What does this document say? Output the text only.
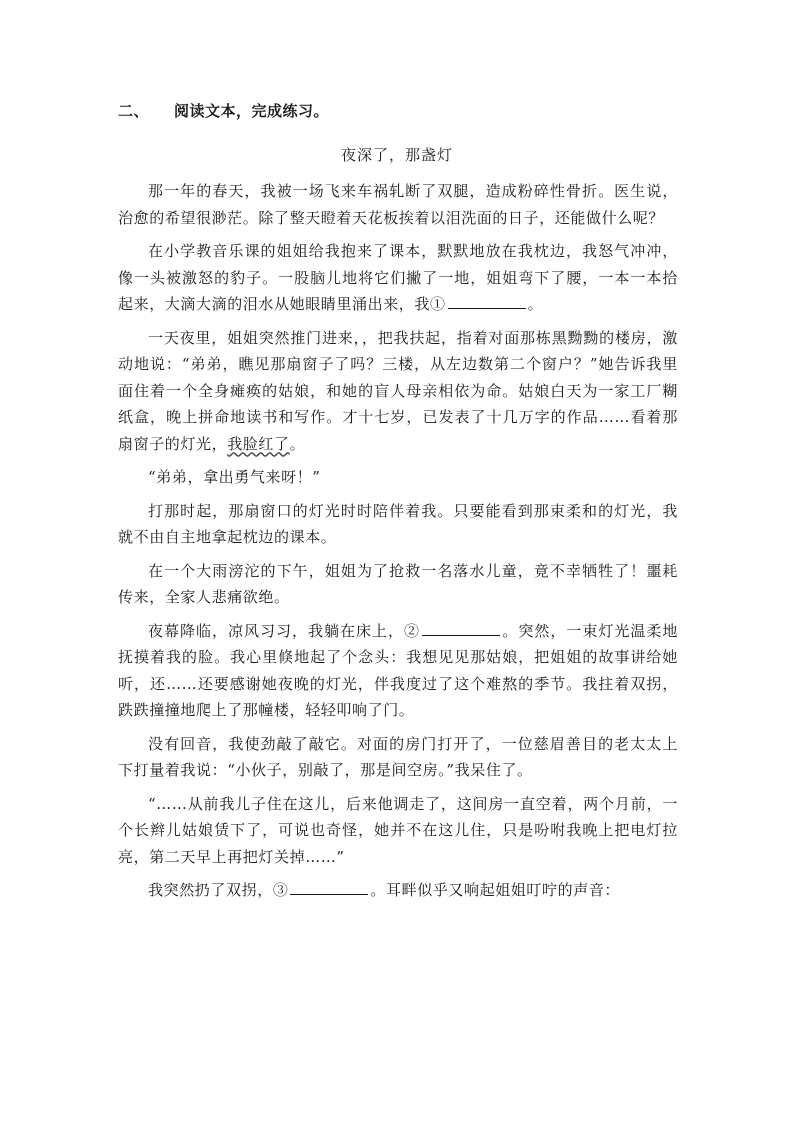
二、 阅读文本，完成练习。
夜深了，那盏灯

那一年的春天，我被一场飞来车祸轧断了双腿，造成粉碎性骨折。医生说，治愈的希望很渺茫。除了整天瞪着天花板挨着以泪洗面的日子，还能做什么呢？

在小学教音乐课的姐姐给我抱来了课本，默默地放在我枕边，我怒气冲冲，像一头被激怒的豹子。一股脑儿地将它们撇了一地，姐姐弯下了腰，一本一本拾起来，大滴大滴的泪水从她眼睛里涌出来，我①	。

一天夜里，姐姐突然推门进来，，把我扶起，指着对面那栋黑黝黝的楼房，激动地说：“弟弟，瞧见那扇窗子了吗？三楼，从左边数第二个窗户？”她告诉我里面住着一个全身瘫痪的姑娘，和她的盲人母亲相依为命。姑娘白天为一家工厂糊纸盒，晚上拼命地读书和写作。才十七岁，已发表了十几万字的作品……看着那扇窗子的灯光，我脸红了。

“弟弟，拿出勇气来呀！”

打那时起，那扇窗口的灯光时时陪伴着我。只要能看到那束柔和的灯光，我就不由自主地拿起枕边的课本。

在一个大雨滂沱的下午，姐姐为了抢救一名落水儿童，竟不幸牺牲了！噩耗传来，全家人悲痛欲绝。

夜幕降临，凉风习习，我躺在床上，②	。突然，一束灯光温柔地抚摸着我的脸。我心里倏地起了个念头：我想见见那姑娘，把姐姐的故事讲给她听，还……还要感谢她夜晚的灯光，伴我度过了这个难熬的季节。我拄着双拐，跌跌撞撞地爬上了那幢楼，轻轻叩响了门。

没有回音，我使劲敲了敲它。对面的房门打开了，一位慈眉善目的老太太上下打量着我说：“小伙子，别敲了，那是间空房。”我呆住了。

“……从前我儿子住在这儿，后来他调走了，这间房一直空着，两个月前，一个长辫儿姑娘赁下了，可说也奇怪，她并不在这儿住，只是吩咐我晚上把电灯拉亮，第二天早上再把灯关掉……”

我突然扔了双拐，③	。耳畔似乎又响起姐姐叮咛的声音：
